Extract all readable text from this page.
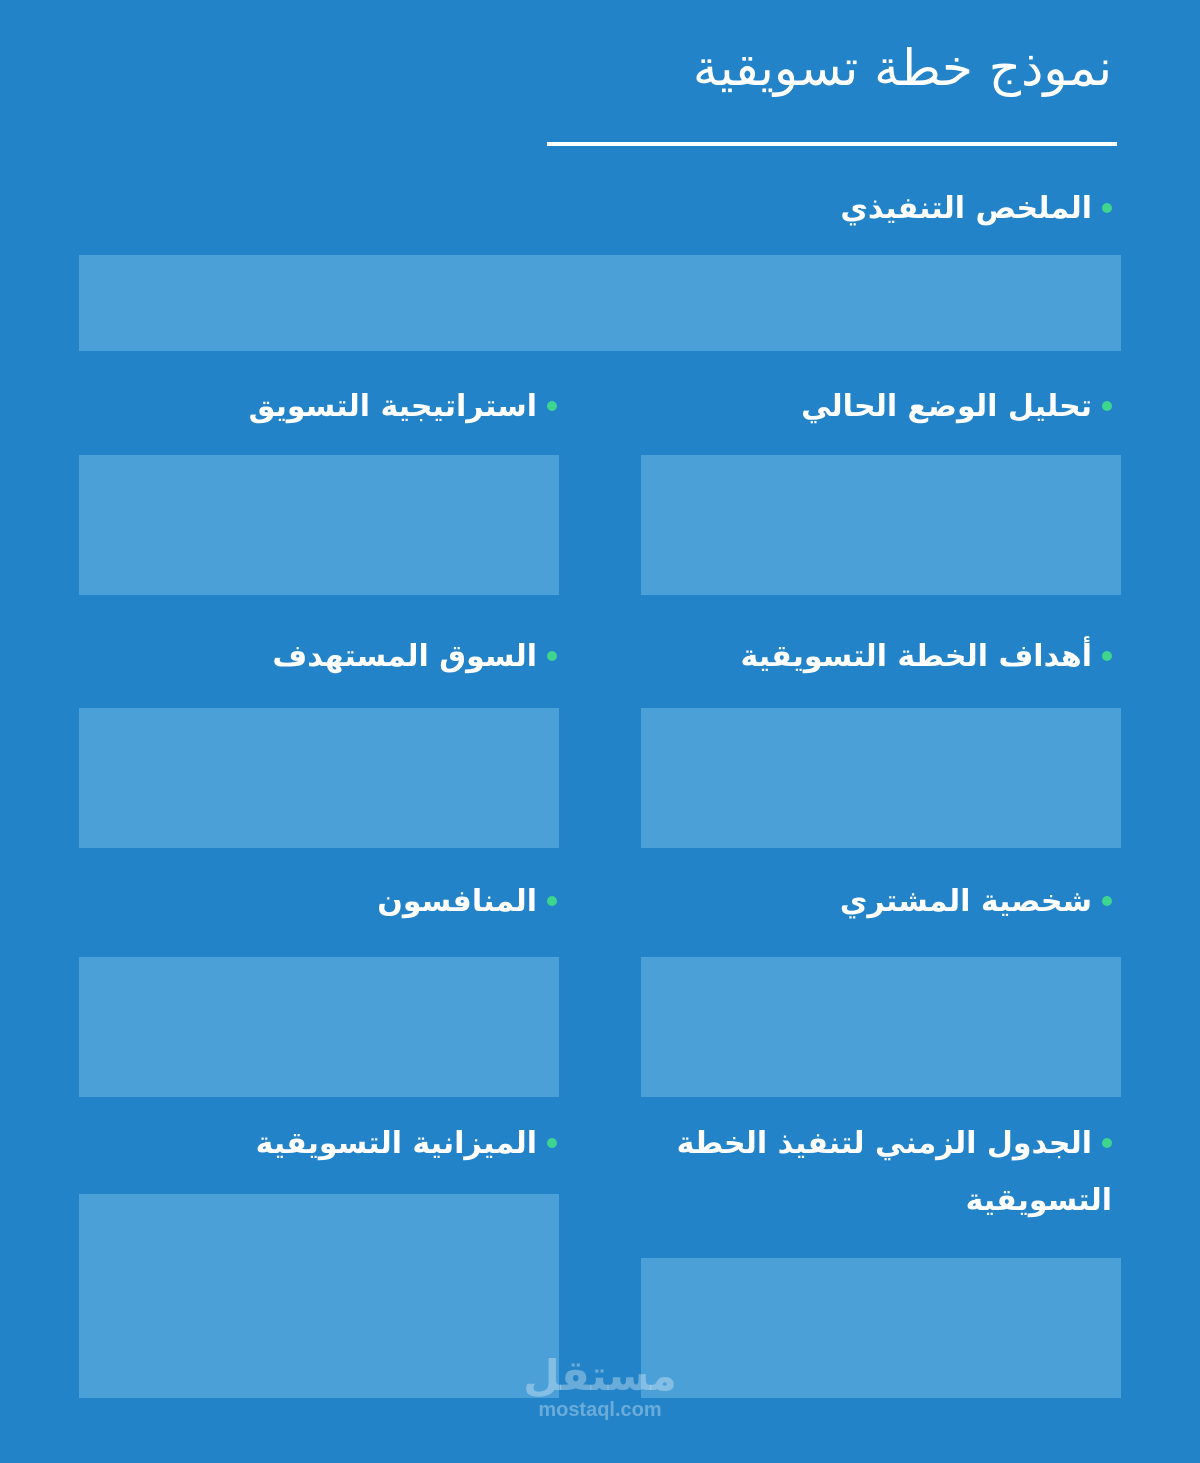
نموذج خطة تسويقية
الملخص التنفيذي
تحليل الوضع الحالي
استراتيجية التسويق
أهداف الخطة التسويقية
السوق المستهدف
شخصية المشتري
المنافسون
الجدول الزمني لتنفيذ الخطة التسويقية
الميزانية التسويقية
مستقل
mostaql.com
